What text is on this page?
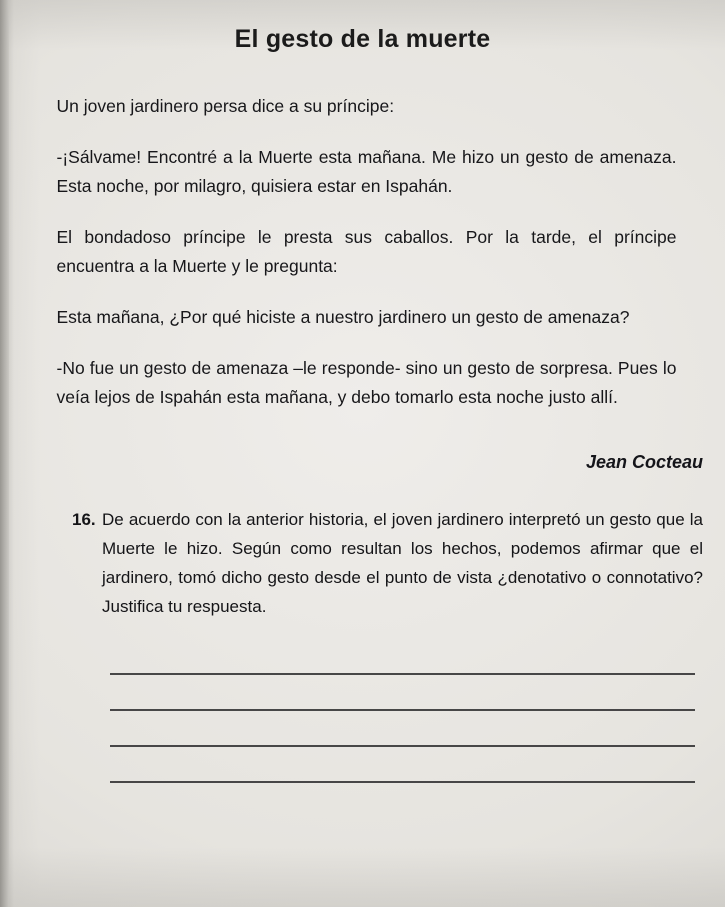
El gesto de la muerte

Un joven jardinero persa dice a su príncipe:

-¡Sálvame! Encontré a la Muerte esta mañana. Me hizo un gesto de amenaza. Esta noche, por milagro, quisiera estar en Ispahán.

El bondadoso príncipe le presta sus caballos. Por la tarde, el príncipe encuentra a la Muerte y le pregunta:

Esta mañana, ¿Por qué hiciste a nuestro jardinero un gesto de amenaza?

-No fue un gesto de amenaza –le responde- sino un gesto de sorpresa. Pues lo veía lejos de Ispahán esta mañana, y debo tomarlo esta noche justo allí.

Jean Cocteau
16. De acuerdo con la anterior historia, el joven jardinero interpretó un gesto que la Muerte le hizo. Según como resultan los hechos, podemos afirmar que el jardinero, tomó dicho gesto desde el punto de vista ¿denotativo o connotativo? Justifica tu respuesta.
